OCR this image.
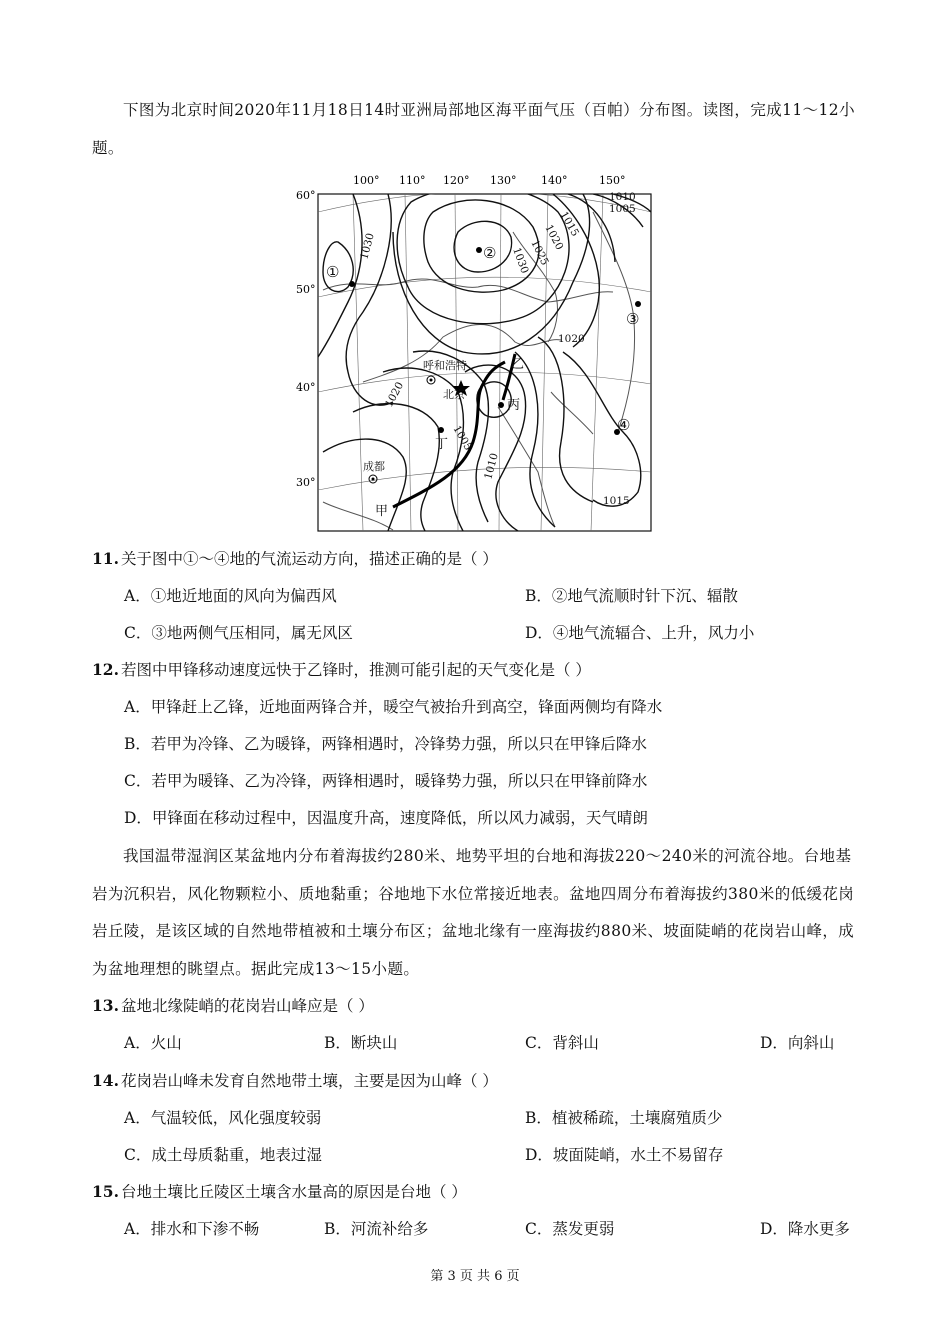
下图为北京时间2020年11月18日14时亚洲局部地区海平面气压（百帕）分布图。读图，完成11～12小题。

100° 110° 120° 130° 140°	150°
60°
50°
40°
30°
1010
1005
1015
1020
1025
1030
1030
1020
1020
1005
1010
1015
呼和浩特
北京
成都
乙
丙
丁
甲
①
②
③
④

11. 关于图中①～④地的气流运动方向，描述正确的是（ ）

A．①地近地面的风向为偏西风	B．②地气流顺时针下沉、辐散

C．③地两侧气压相同，属无风区	D．④地气流辐合、上升，风力小

12. 若图中甲锋移动速度远快于乙锋时，推测可能引起的天气变化是（ ）

A．甲锋赶上乙锋，近地面两锋合并，暖空气被抬升到高空，锋面两侧均有降水

B．若甲为冷锋、乙为暖锋，两锋相遇时，冷锋势力强，所以只在甲锋后降水

C．若甲为暖锋、乙为冷锋，两锋相遇时，暖锋势力强，所以只在甲锋前降水

D．甲锋面在移动过程中，因温度升高，速度降低，所以风力减弱，天气晴朗

我国温带湿润区某盆地内分布着海拔约280米、地势平坦的台地和海拔220～240米的河流谷地。台地基岩为沉积岩，风化物颗粒小、质地黏重；谷地地下水位常接近地表。盆地四周分布着海拔约380米的低缓花岗岩丘陵，是该区域的自然地带植被和土壤分布区；盆地北缘有一座海拔约880米、坡面陡峭的花岗岩山峰，成为盆地理想的眺望点。据此完成13～15小题。

13. 盆地北缘陡峭的花岗岩山峰应是（ ）

A．火山	B．断块山	C．背斜山	D．向斜山

14. 花岗岩山峰未发育自然地带土壤，主要是因为山峰（ ）

A．气温较低，风化强度较弱	B．植被稀疏，土壤腐殖质少

C．成土母质黏重，地表过湿	D．坡面陡峭，水土不易留存

15. 台地土壤比丘陵区土壤含水量高的原因是台地（ ）

A．排水和下渗不畅	B．河流补给多	C．蒸发更弱	D．降水更多

第 3 页 共 6 页
